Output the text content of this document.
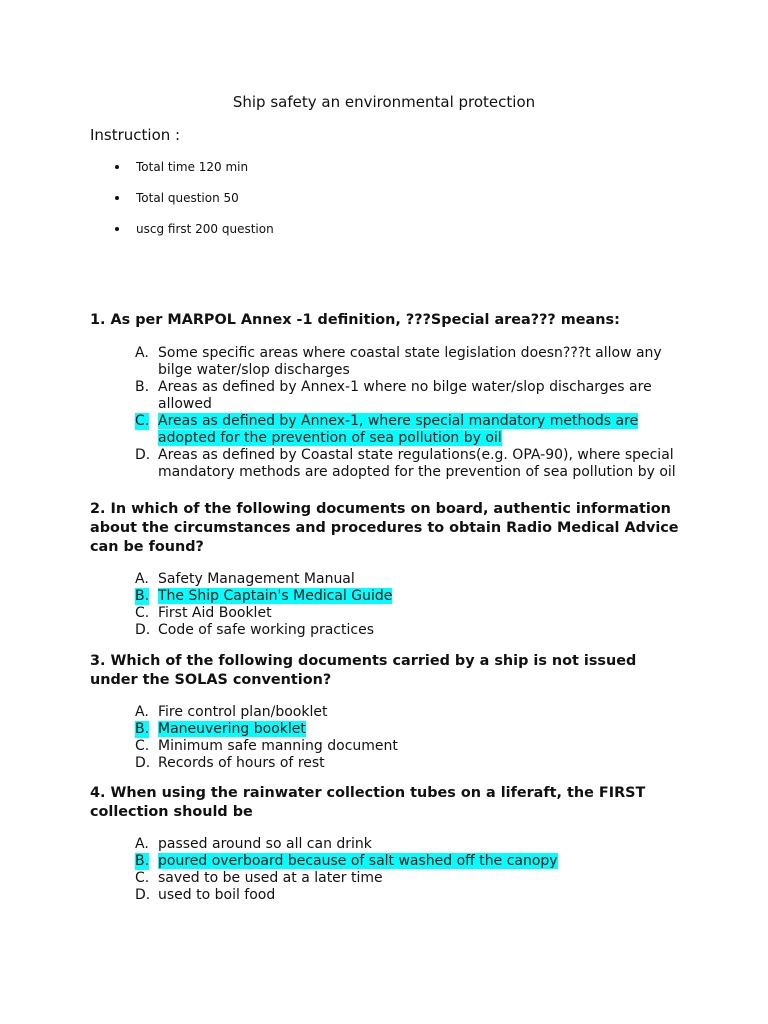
Ship safety an environmental protection
Instruction :
Total time 120 min
Total question 50
uscg first 200 question

1. As per MARPOL Annex -1 definition, ???Special area??? means:

A. Some specific areas where coastal state legislation doesn???t allow any bilge water/slop discharges
B. Areas as defined by Annex-1 where no bilge water/slop discharges are allowed
C. Areas as defined by Annex-1, where special mandatory methods are adopted for the prevention of sea pollution by oil
D. Areas as defined by Coastal state regulations(e.g. OPA-90), where special mandatory methods are adopted for the prevention of sea pollution by oil

2. In which of the following documents on board, authentic information about the circumstances and procedures to obtain Radio Medical Advice can be found?

A. Safety Management Manual
B. The Ship Captain's Medical Guide
C. First Aid Booklet
D. Code of safe working practices

3. Which of the following documents carried by a ship is not issued under the SOLAS convention?

A. Fire control plan/booklet
B. Maneuvering booklet
C. Minimum safe manning document
D. Records of hours of rest

4. When using the rainwater collection tubes on a liferaft, the FIRST collection should be

A. passed around so all can drink
B. poured overboard because of salt washed off the canopy
C. saved to be used at a later time
D. used to boil food
